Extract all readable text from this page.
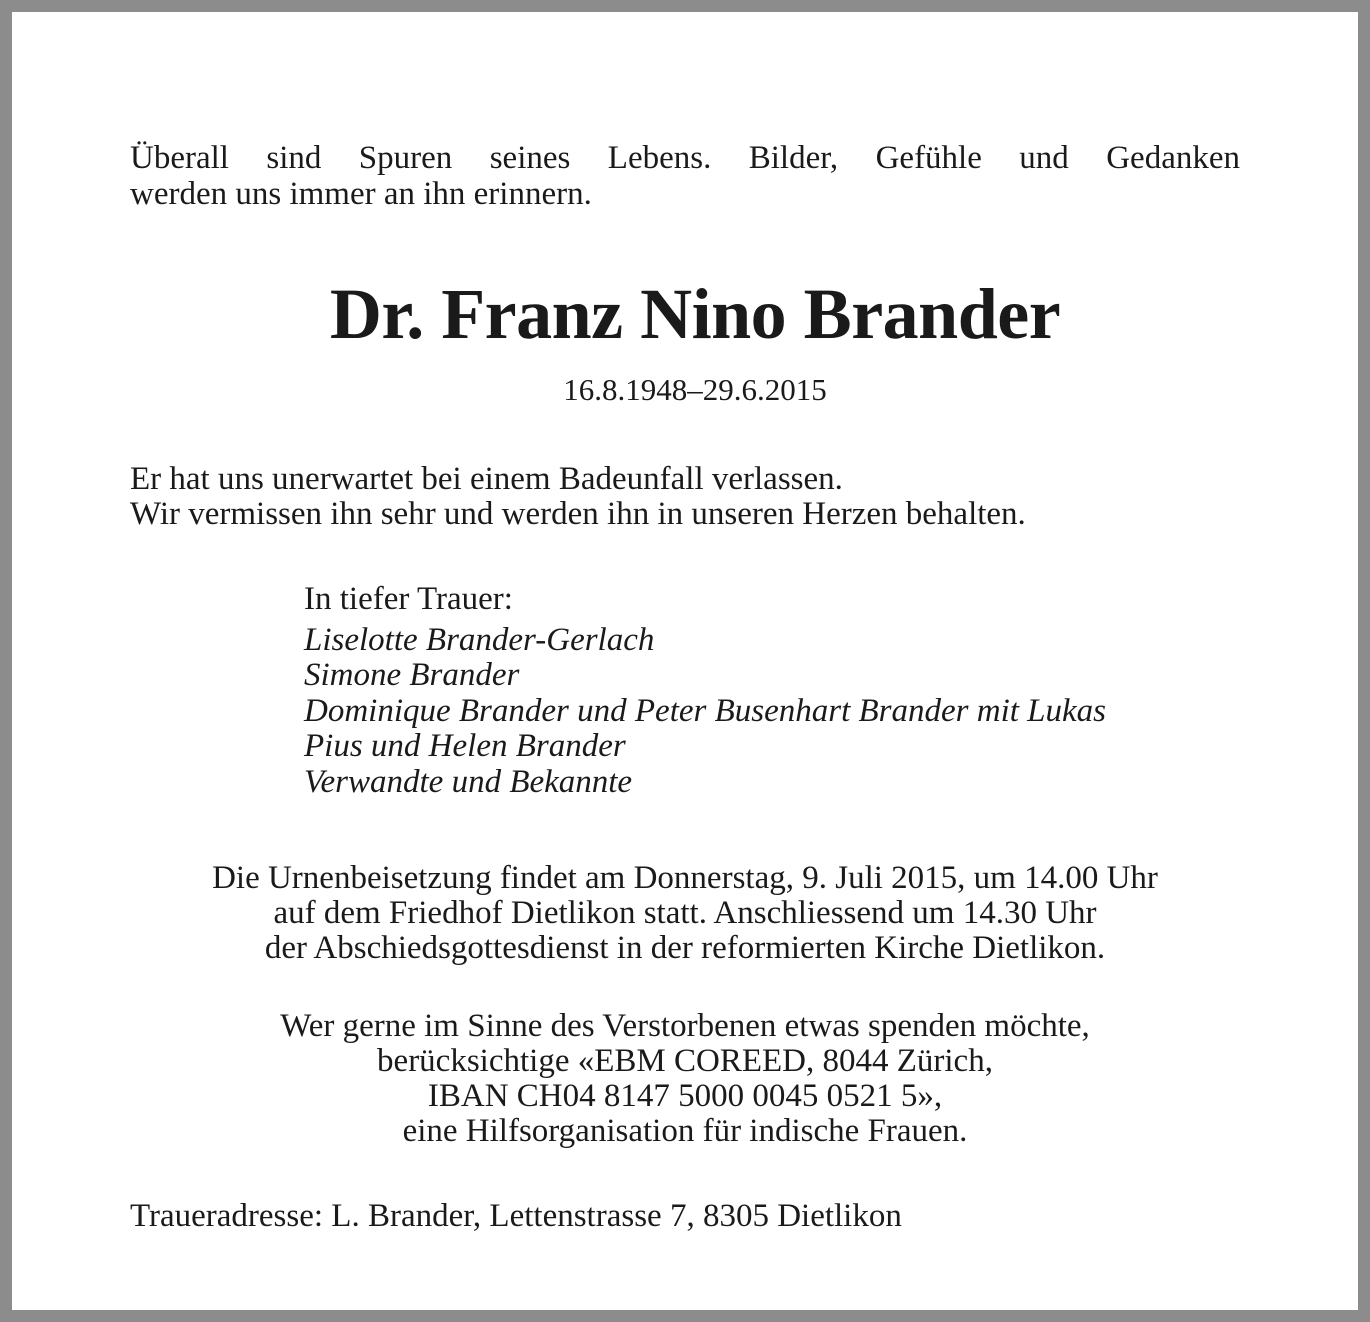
Überall sind Spuren seines Lebens. Bilder, Gefühle und Gedanken
werden uns immer an ihn erinnern.
Dr. Franz Nino Brander
16.8.1948–29.6.2015
Er hat uns unerwartet bei einem Badeunfall verlassen.
Wir vermissen ihn sehr und werden ihn in unseren Herzen behalten.
In tiefer Trauer:
Liselotte Brander-Gerlach
Simone Brander
Dominique Brander und Peter Busenhart Brander mit Lukas
Pius und Helen Brander
Verwandte und Bekannte
Die Urnenbeisetzung findet am Donnerstag, 9. Juli 2015, um 14.00 Uhr
auf dem Friedhof Dietlikon statt. Anschliessend um 14.30 Uhr
der Abschiedsgottesdienst in der reformierten Kirche Dietlikon.
Wer gerne im Sinne des Verstorbenen etwas spenden möchte,
berücksichtige «EBM COREED, 8044 Zürich,
IBAN CH04 8147 5000 0045 0521 5»,
eine Hilfsorganisation für indische Frauen.
Traueradresse: L. Brander, Lettenstrasse 7, 8305 Dietlikon
